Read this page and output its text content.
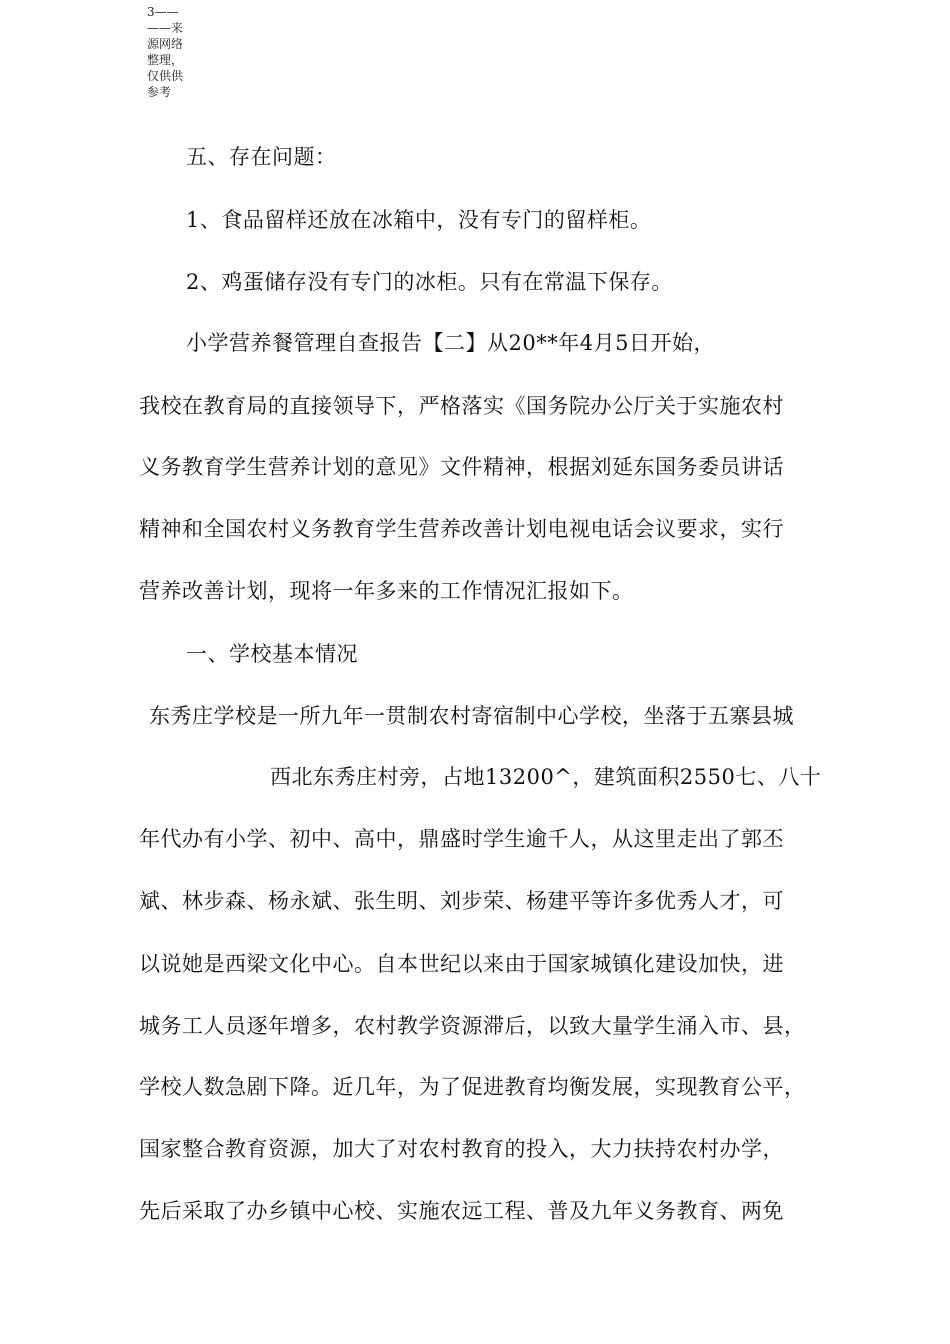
3——
——来
源网络
整理，
仅供供
参考
五、存在问题：
1、食品留样还放在冰箱中，没有专门的留样柜。
2、鸡蛋储存没有专门的冰柜。只有在常温下保存。
小学营养餐管理自查报告【二】从20**年4月5日开始，
我校在教育局的直接领导下，严格落实《国务院办公厅关于实施农村
义务教育学生营养计划的意见》文件精神，根据刘延东国务委员讲话
精神和全国农村义务教育学生营养改善计划电视电话会议要求，实行
营养改善计划，现将一年多来的工作情况汇报如下。
一、学校基本情况
东秀庄学校是一所九年一贯制农村寄宿制中心学校，坐落于五寨县城
西北东秀庄村旁，占地13200^，建筑面积2550七、八十
年代办有小学、初中、高中，鼎盛时学生逾千人，从这里走出了郭丕
斌、林步森、杨永斌、张生明、刘步荣、杨建平等许多优秀人才，可
以说她是西梁文化中心。自本世纪以来由于国家城镇化建设加快，进
城务工人员逐年增多，农村教学资源滞后，以致大量学生涌入市、县，
学校人数急剧下降。近几年，为了促进教育均衡发展，实现教育公平，
国家整合教育资源，加大了对农村教育的投入，大力扶持农村办学，
先后采取了办乡镇中心校、实施农远工程、普及九年义务教育、两免
